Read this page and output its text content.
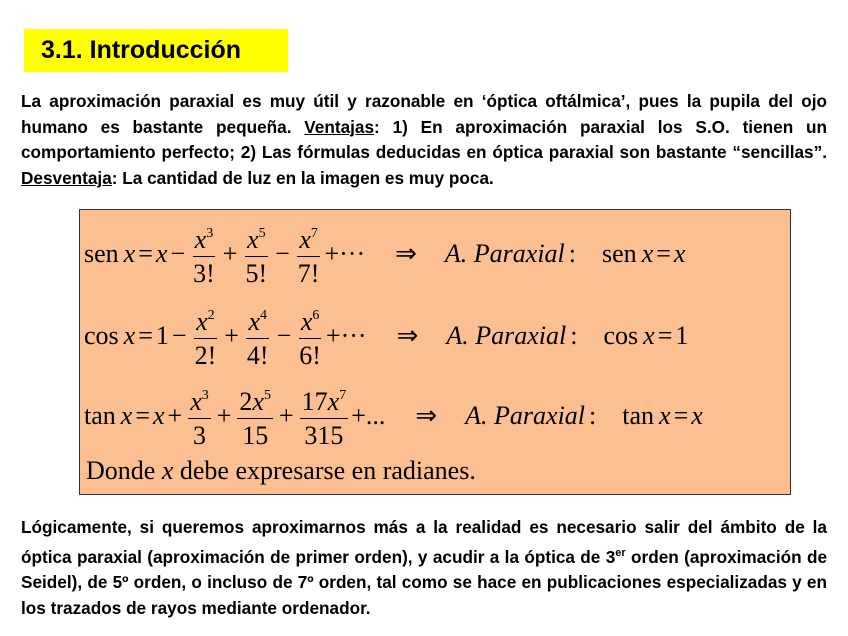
3.1. Introducción

La aproximación paraxial es muy útil y razonable en ‘óptica oftálmica’, pues la pupila del ojo humano es bastante pequeña. Ventajas: 1) En aproximación paraxial los S.O. tienen un comportamiento perfecto; 2) Las fórmulas deducidas en óptica paraxial son bastante “sencillas”. Desventaja: La cantidad de luz en la imagen es muy poca.

sen $x = x - \frac{x^3}{3!} + \frac{x^5}{5!} - \frac{x^7}{7!}$ +··· ⇒ A. Paraxial : sen x = x
$\cos x = 1 - \frac{x^2}{2!} + \frac{x^4}{4!} - \frac{x^6}{6!}$ +··· ⇒ A. Paraxial : cos x = 1
$\tan x = x + \frac{x^3}{3} + \frac{2x^5}{15} + \frac{17x^7}{315}$ +... ⇒ A. Paraxial : tan x = x
Donde x debe expresarse en radianes.

Lógicamente, si queremos aproximarnos más a la realidad es necesario salir del ámbito de la óptica paraxial (aproximación de primer orden), y acudir a la óptica de 3er orden (aproximación de Seidel), de 5º orden, o incluso de 7º orden, tal como se hace en publicaciones especializadas y en los trazados de rayos mediante ordenador.
